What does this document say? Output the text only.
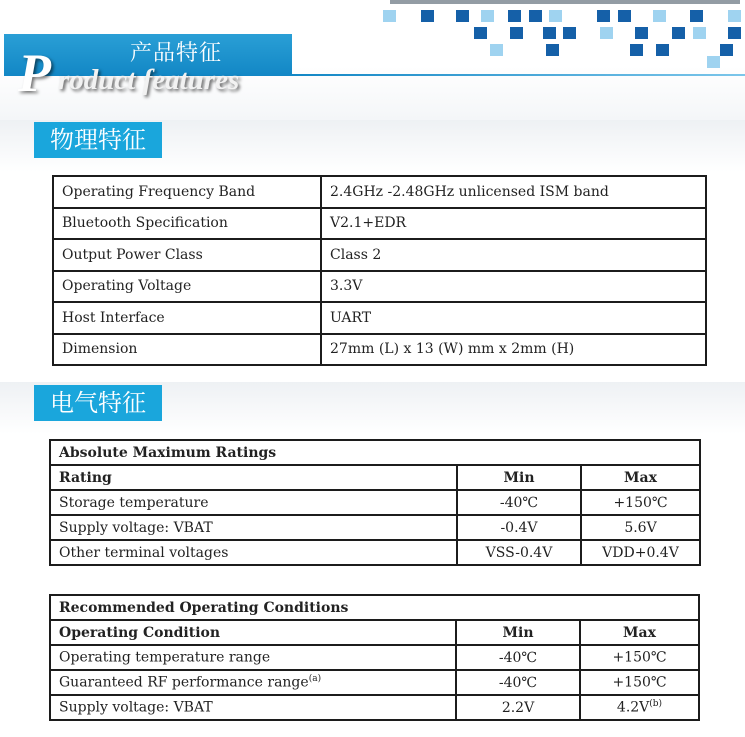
产品特征
P roduct features
物理特征
Operating Frequency Band	2.4GHz -2.48GHz unlicensed ISM band
Bluetooth Specification	V2.1+EDR
Output Power Class	Class 2
Operating Voltage	3.3V
Host Interface	UART
Dimension	27mm (L) x 13 (W) mm x 2mm (H)
电气特征
Absolute Maximum Ratings		
Rating	Min	Max
Storage temperature	-40℃	+150℃
Supply voltage: VBAT	-0.4V	5.6V
Other terminal voltages	VSS-0.4V	VDD+0.4V
Recommended Operating Conditions		
Operating Condition	Min	Max
Operating temperature range	-40℃	+150℃
Guaranteed RF performance range$^{(a)}$	-40℃	+150℃
Supply voltage: VBAT	2.2V	$4.2V^{(b)}$
